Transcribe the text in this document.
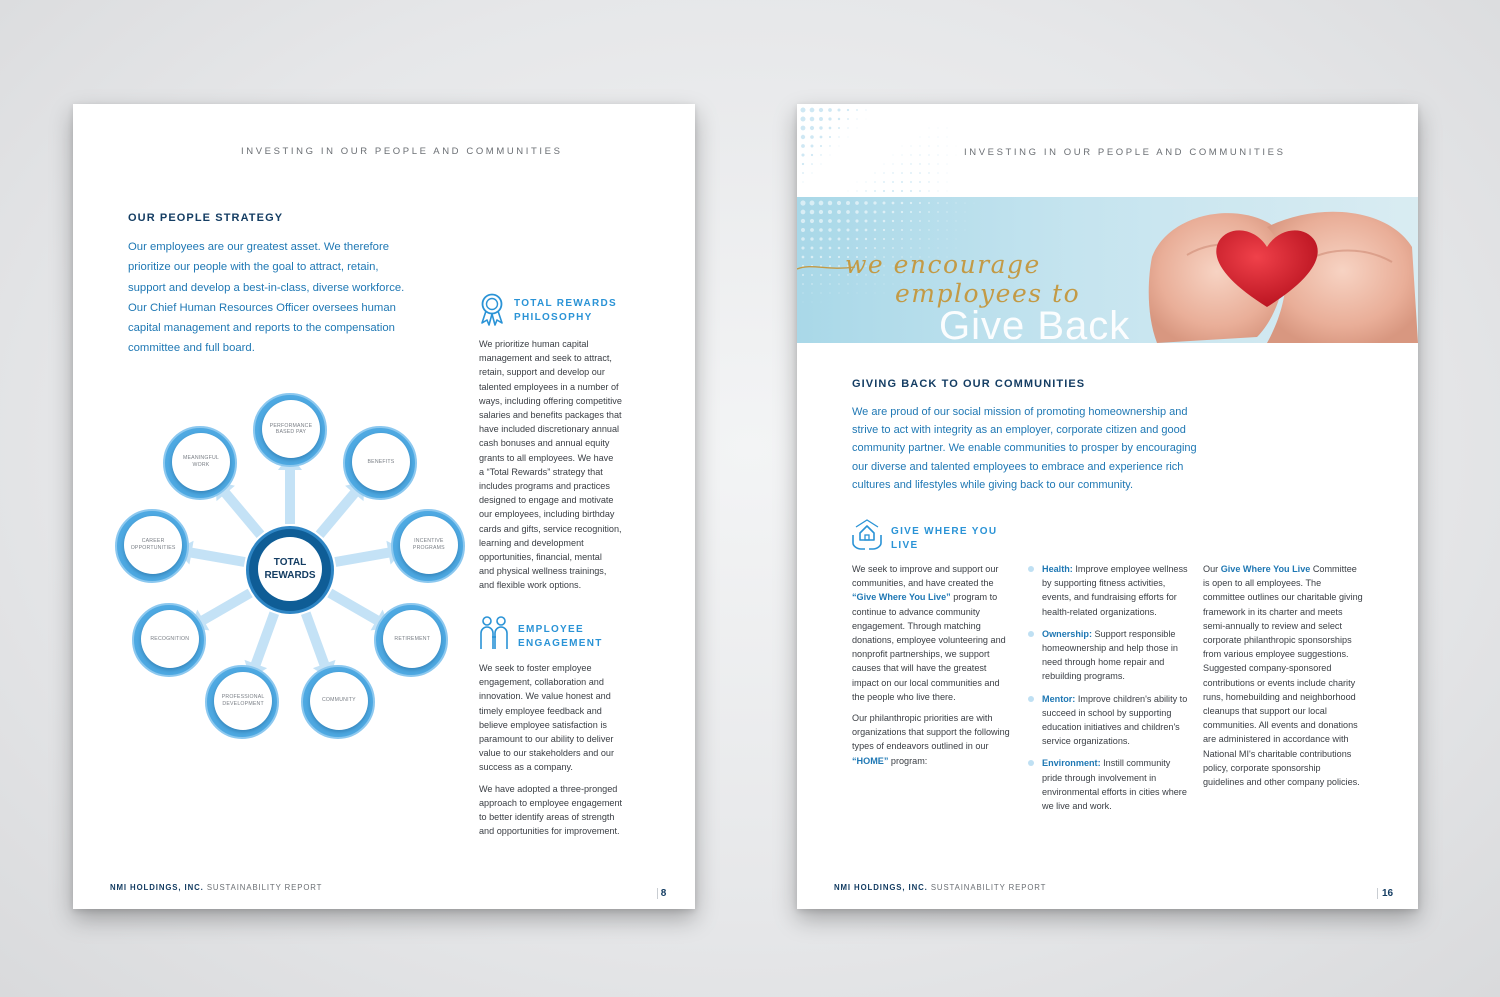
INVESTING IN OUR PEOPLE AND COMMUNITIES
OUR PEOPLE STRATEGY
Our employees are our greatest asset. We therefore
prioritize our people with the goal to attract, retain,
support and develop a best-in-class, diverse workforce.
Our Chief Human Resources Officer oversees human
capital management and reports to the compensation
committee and full board.
PERFORMANCE BASED PAY
BENEFITS
INCENTIVE PROGRAMS
RETIREMENT
COMMUNITY
PROFESSIONAL DEVELOPMENT
RECOGNITION
CAREER OPPORTUNITIES
MEANINGFUL WORK
TOTAL REWARDS
TOTAL REWARDS PHILOSOPHY
We prioritize human capital
management and seek to attract,
retain, support and develop our
talented employees in a number of
ways, including offering competitive
salaries and benefits packages that
have included discretionary annual
cash bonuses and annual equity
grants to all employees. We have
a “Total Rewards” strategy that
includes programs and practices
designed to engage and motivate
our employees, including birthday
cards and gifts, service recognition,
learning and development
opportunities, financial, mental
and physical wellness trainings,
and flexible work options.
EMPLOYEE ENGAGEMENT
We seek to foster employee
engagement, collaboration and
innovation. We value honest and
timely employee feedback and
believe employee satisfaction is
paramount to our ability to deliver
value to our stakeholders and our
success as a company.
We have adopted a three-pronged
approach to employee engagement
to better identify areas of strength
and opportunities for improvement.
NMI HOLDINGS, INC. SUSTAINABILITY REPORT
8
INVESTING IN OUR PEOPLE AND COMMUNITIES
we encourage
employees to
Give Back
GIVING BACK TO OUR COMMUNITIES
We are proud of our social mission of promoting homeownership and
strive to act with integrity as an employer, corporate citizen and good
community partner. We enable communities to prosper by encouraging
our diverse and talented employees to embrace and experience rich
cultures and lifestyles while giving back to our community.
GIVE WHERE YOU LIVE

We seek to improve and support our communities, and have created the “Give Where You Live” program to continue to advance community engagement. Through matching donations, employee volunteering and nonprofit partnerships, we support causes that will have the greatest impact on our local communities and the people who live there.

Our philanthropic priorities are with organizations that support the following types of endeavors outlined in our “HOME” program:

Health: Improve employee wellness by supporting fitness activities, events, and fundraising efforts for health-related organizations.
Ownership: Support responsible homeownership and help those in need through home repair and rebuilding programs.
Mentor: Improve children's ability to succeed in school by supporting education initiatives and children's service organizations.
Environment: Instill community pride through involvement in environmental efforts in cities where we live and work.

Our Give Where You Live Committee is open to all employees. The committee outlines our charitable giving framework in its charter and meets semi-annually to review and select corporate philanthropic sponsorships from various employee suggestions. Suggested company-sponsored contributions or events include charity runs, homebuilding and neighborhood cleanups that support our local communities. All events and donations are administered in accordance with National MI's charitable contributions policy, corporate sponsorship guidelines and other company policies.

NMI HOLDINGS, INC. SUSTAINABILITY REPORT
16
